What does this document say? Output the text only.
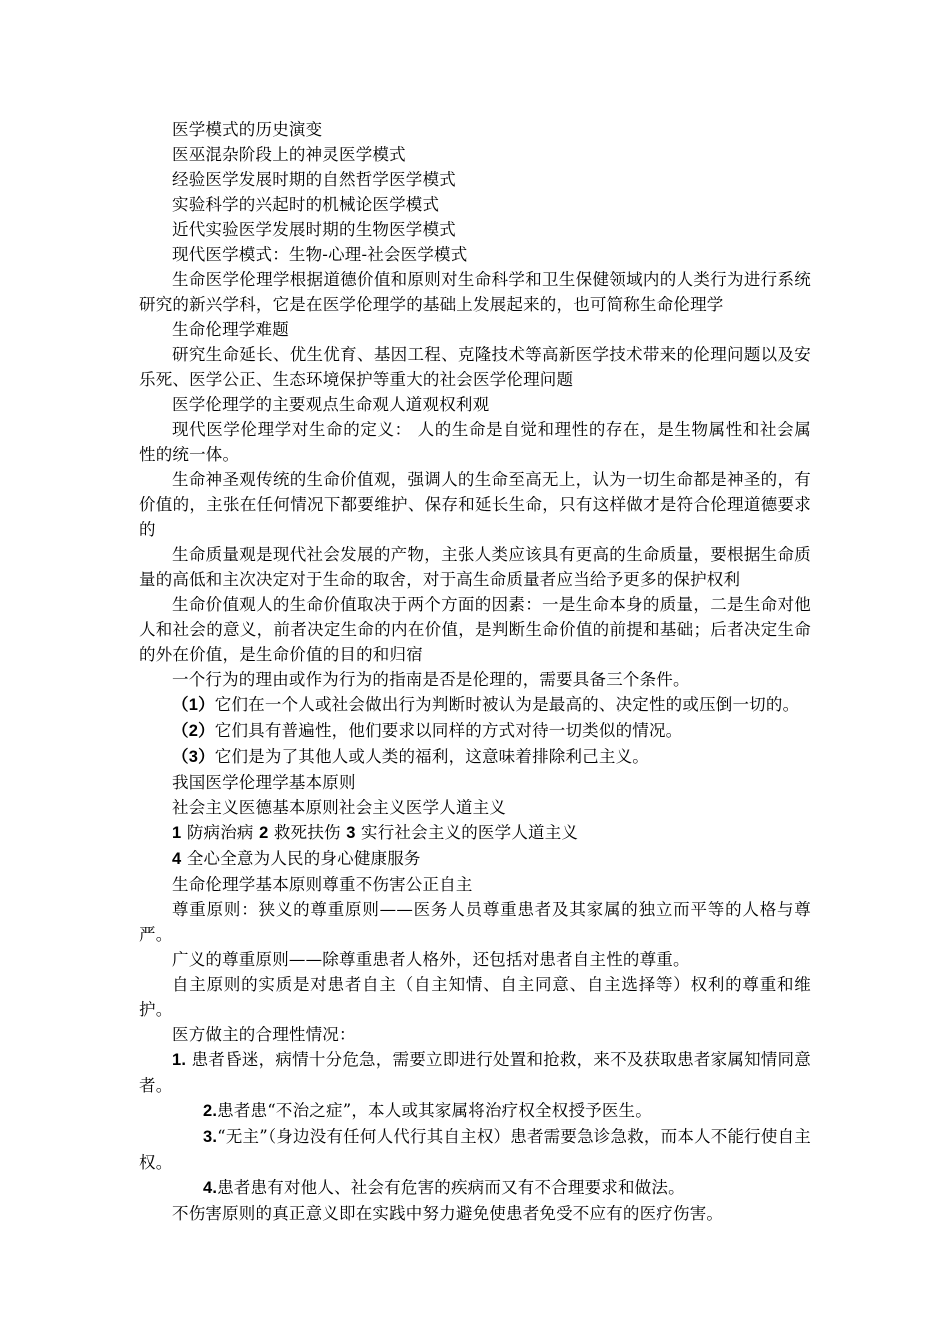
医学模式的历史演变

医巫混杂阶段上的神灵医学模式

经验医学发展时期的自然哲学医学模式

实验科学的兴起时的机械论医学模式

近代实验医学发展时期的生物医学模式

现代医学模式：生物-心理-社会医学模式

生命医学伦理学根据道德价值和原则对生命科学和卫生保健领域内的人类行为进行系统研究的新兴学科，它是在医学伦理学的基础上发展起来的，也可简称生命伦理学

生命伦理学难题

研究生命延长、优生优育、基因工程、克隆技术等高新医学技术带来的伦理问题以及安乐死、医学公正、生态环境保护等重大的社会医学伦理问题

医学伦理学的主要观点生命观人道观权利观

现代医学伦理学对生命的定义： 人的生命是自觉和理性的存在，是生物属性和社会属性的统一体。

生命神圣观传统的生命价值观，强调人的生命至高无上，认为一切生命都是神圣的，有价值的，主张在任何情况下都要维护、保存和延长生命，只有这样做才是符合伦理道德要求的

生命质量观是现代社会发展的产物，主张人类应该具有更高的生命质量，要根据生命质量的高低和主次决定对于生命的取舍，对于高生命质量者应当给予更多的保护权利

生命价值观人的生命价值取决于两个方面的因素：一是生命本身的质量，二是生命对他人和社会的意义，前者决定生命的内在价值，是判断生命价值的前提和基础；后者决定生命的外在价值，是生命价值的目的和归宿

一个行为的理由或作为行为的指南是否是伦理的，需要具备三个条件。

（1）它们在一个人或社会做出行为判断时被认为是最高的、决定性的或压倒一切的。

（2）它们具有普遍性，他们要求以同样的方式对待一切类似的情况。

（3）它们是为了其他人或人类的福利，这意味着排除利己主义。

我国医学伦理学基本原则

社会主义医德基本原则社会主义医学人道主义

1 防病治病 2 救死扶伤 3 实行社会主义的医学人道主义

4 全心全意为人民的身心健康服务

生命伦理学基本原则尊重不伤害公正自主

尊重原则：狭义的尊重原则——医务人员尊重患者及其家属的独立而平等的人格与尊严。

广义的尊重原则——除尊重患者人格外，还包括对患者自主性的尊重。

自主原则的实质是对患者自主（自主知情、自主同意、自主选择等）权利的尊重和维护。

医方做主的合理性情况：

1. 患者昏迷，病情十分危急，需要立即进行处置和抢救，来不及获取患者家属知情同意者。

2.患者患“不治之症”，本人或其家属将治疗权全权授予医生。

3.“无主”（身边没有任何人代行其自主权）患者需要急诊急救，而本人不能行使自主权。

4.患者患有对他人、社会有危害的疾病而又有不合理要求和做法。

不伤害原则的真正意义即在实践中努力避免使患者免受不应有的医疗伤害。
